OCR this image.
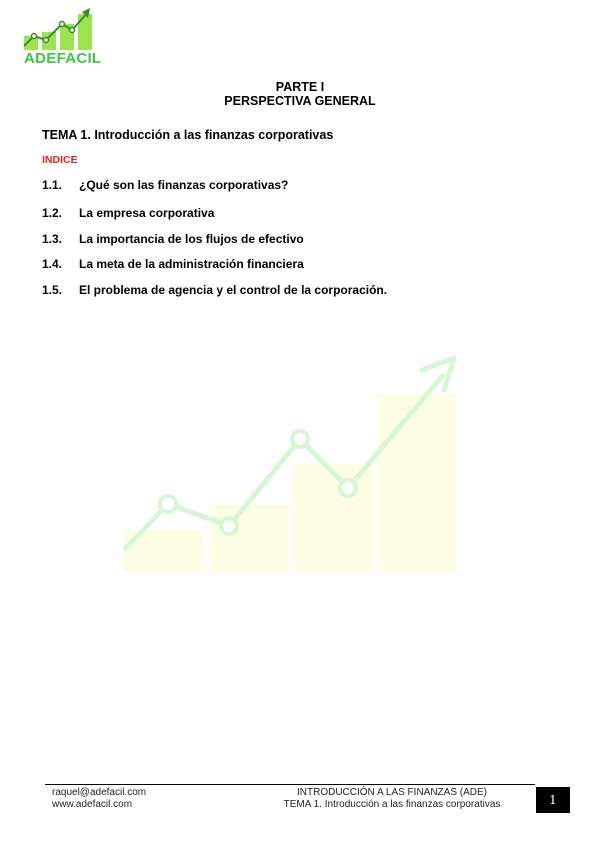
ADEFACIL
PARTE I
PERSPECTIVA GENERAL
TEMA 1. Introducción a las finanzas corporativas
INDICE
1.1. ¿Qué son las finanzas corporativas?
1.2. La empresa corporativa
1.3. La importancia de los flujos de efectivo
1.4. La meta de la administración financiera
1.5. El problema de agencia y el control de la corporación.
raquel@adefacil.com
www.adefacil.com
INTRODUCCIÓN A LAS FINANZAS (ADE)
TEMA 1. Introducción a las finanzas corporativas	1
